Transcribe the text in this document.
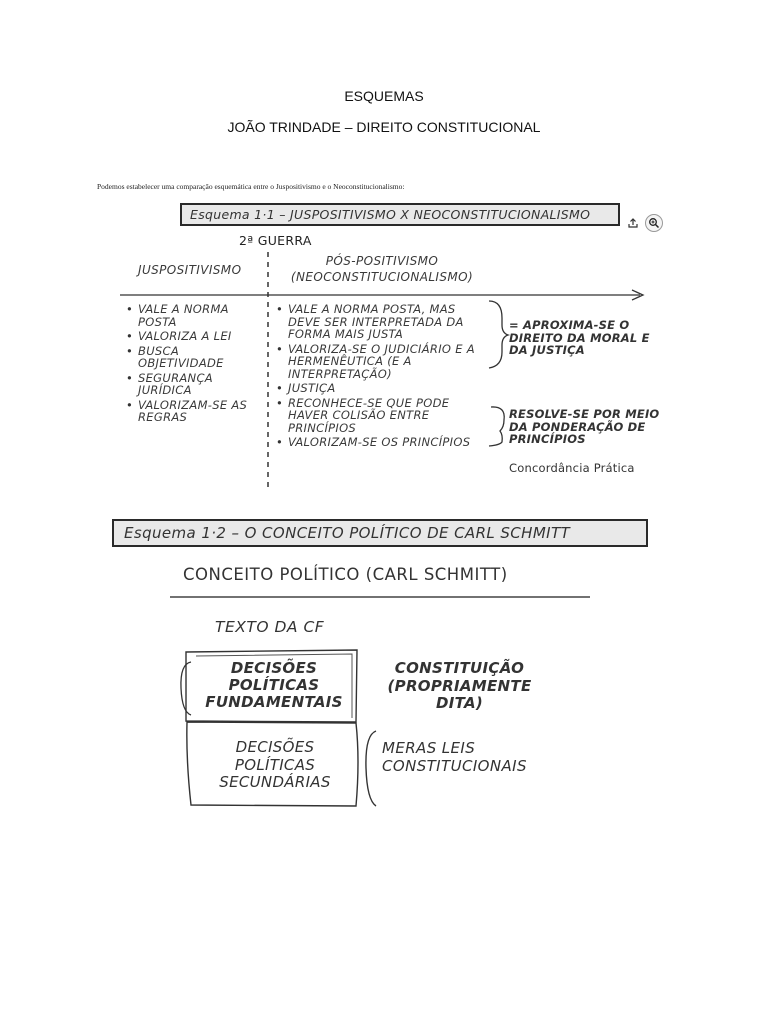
ESQUEMAS
JOÃO TRINDADE – DIREITO CONSTITUCIONAL
Podemos estabelecer uma comparação esquemática entre o Juspositivismo e o Neoconstitucionalismo:
Esquema 1·1 – JUSPOSITIVISMO X NEOCONSTITUCIONALISMO
2ª GUERRA
JUSPOSITIVISMO
PÓS-POSITIVISMO
(NEOCONSTITUCIONALISMO)
• VALE A NORMA POSTA
• VALORIZA A LEI
• BUSCA OBJETIVIDADE
• SEGURANÇA JURÍDICA
• VALORIZAM-SE AS REGRAS
• VALE A NORMA POSTA, MAS DEVE SER INTERPRETADA DA FORMA MAIS JUSTA
• VALORIZA-SE O JUDICIÁRIO E A HERMENÊUTICA (E A INTERPRETAÇÃO)
• JUSTIÇA
• RECONHECE-SE QUE PODE HAVER COLISÃO ENTRE PRINCÍPIOS
• VALORIZAM-SE OS PRINCÍPIOS
= APROXIMA-SE O DIREITO DA MORAL E DA JUSTIÇA
RESOLVE-SE POR MEIO DA PONDERAÇÃO DE PRINCÍPIOS
Concordância Prática
Esquema 1·2 – O CONCEITO POLÍTICO DE CARL SCHMITT
CONCEITO POLÍTICO (CARL SCHMITT)
TEXTO DA CF
DECISÕES POLÍTICAS FUNDAMENTAIS
DECISÕES POLÍTICAS SECUNDÁRIAS
CONSTITUIÇÃO (PROPRIAMENTE DITA)
MERAS LEIS CONSTITUCIONAIS
